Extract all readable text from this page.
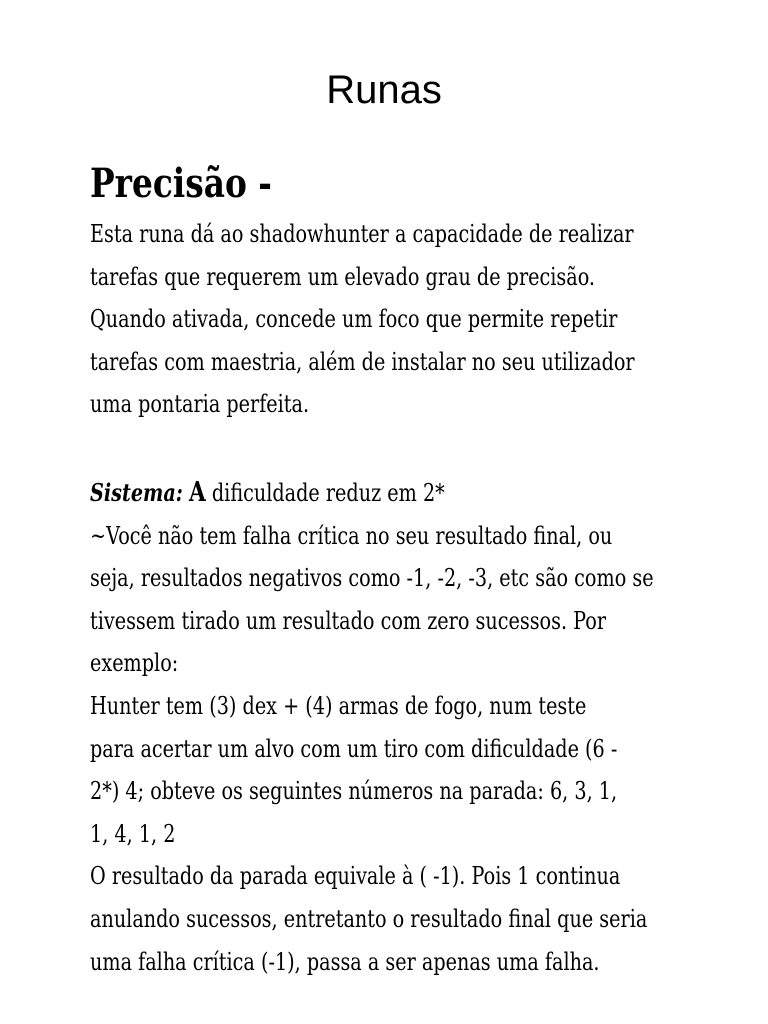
Runas
Precisão -
Esta runa dá ao shadowhunter a capacidade de realizar
tarefas que requerem um elevado grau de precisão.
Quando ativada, concede um foco que permite repetir
tarefas com maestria, além de instalar no seu utilizador
uma pontaria perfeita.
Sistema: A dificuldade reduz em 2*
~Você não tem falha crítica no seu resultado final, ou
seja, resultados negativos como -1, -2, -3, etc são como se
tivessem tirado um resultado com zero sucessos. Por
exemplo:
Hunter tem (3) dex + (4) armas de fogo, num teste
para acertar um alvo com um tiro com dificuldade (6 -
2*) 4; obteve os seguintes números na parada: 6, 3, 1,
1, 4, 1, 2
O resultado da parada equivale à ( -1). Pois 1 continua
anulando sucessos, entretanto o resultado final que seria
uma falha crítica (-1), passa a ser apenas uma falha.
